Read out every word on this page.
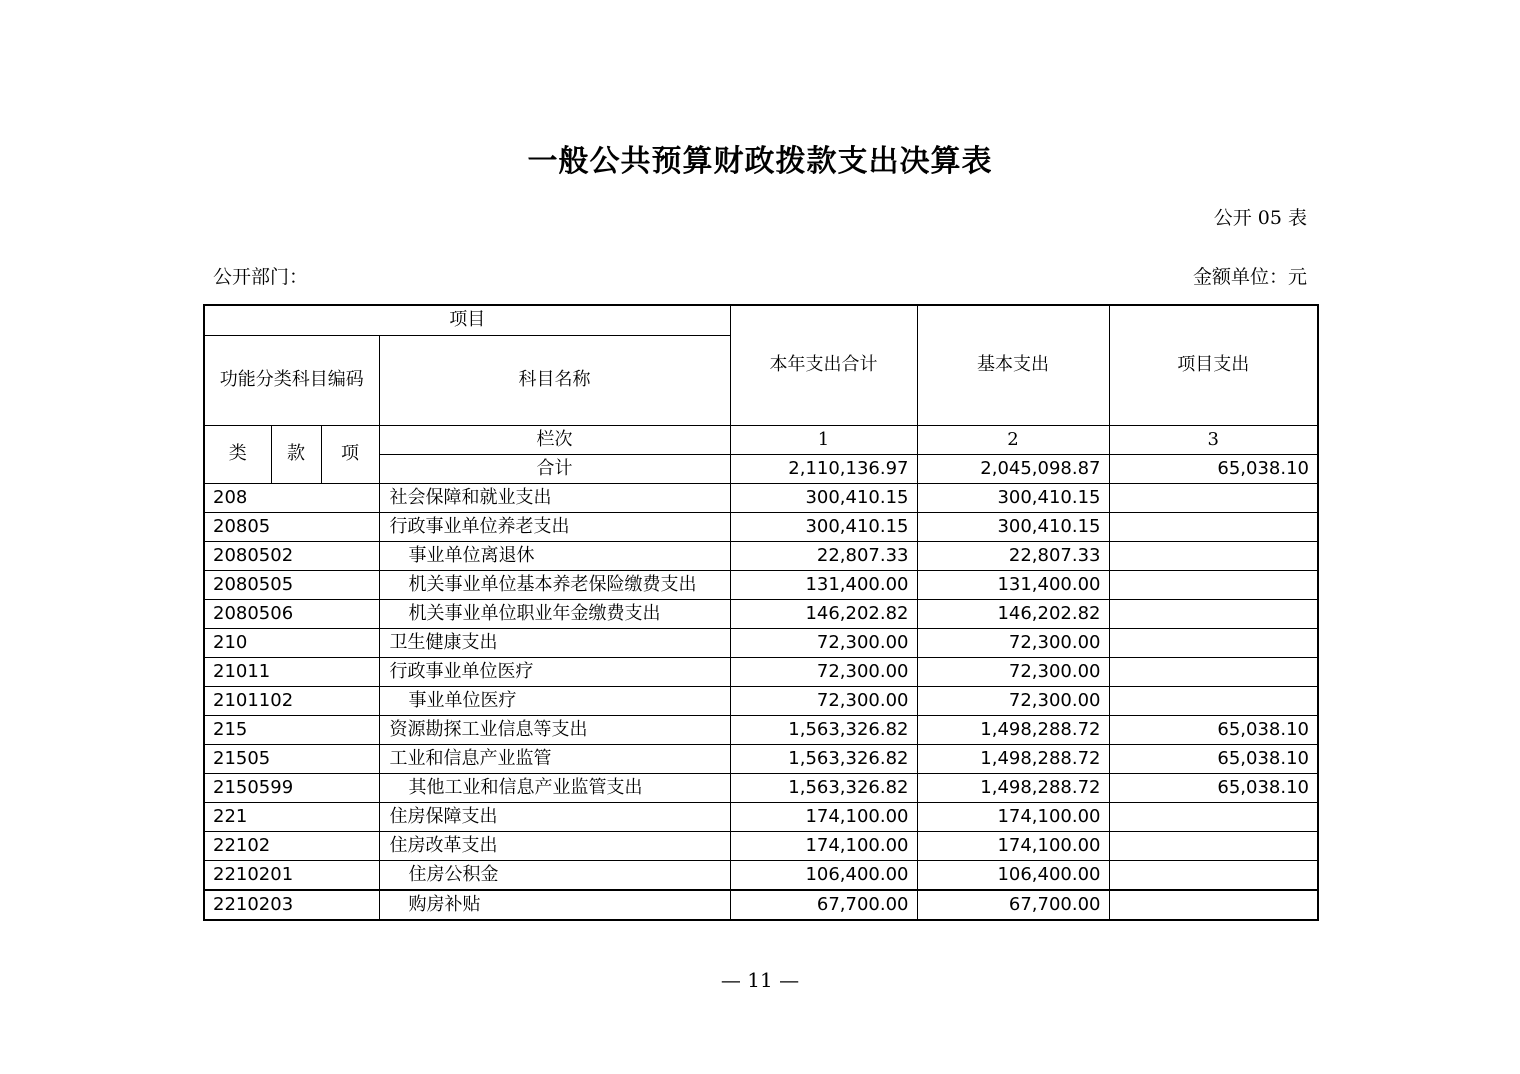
一般公共预算财政拨款支出决算表
公开 05 表
公开部门：	金额单位：元
项目				本年支出合计	基本支出	项目支出
功能分类科目编码			科目名称			
类	款	项	栏次	1	2	3
			合计	2,110,136.97	2,045,098.87	65,038.10
208			社会保障和就业支出	300,410.15	300,410.15	
20805			行政事业单位养老支出	300,410.15	300,410.15	
2080502			事业单位离退休	22,807.33	22,807.33	
2080505			机关事业单位基本养老保险缴费支出	131,400.00	131,400.00	
2080506			机关事业单位职业年金缴费支出	146,202.82	146,202.82	
210			卫生健康支出	72,300.00	72,300.00	
21011			行政事业单位医疗	72,300.00	72,300.00	
2101102			事业单位医疗	72,300.00	72,300.00	
215			资源勘探工业信息等支出	1,563,326.82	1,498,288.72	65,038.10
21505			工业和信息产业监管	1,563,326.82	1,498,288.72	65,038.10
2150599			其他工业和信息产业监管支出	1,563,326.82	1,498,288.72	65,038.10
221			住房保障支出	174,100.00	174,100.00	
22102			住房改革支出	174,100.00	174,100.00	
2210201			住房公积金	106,400.00	106,400.00	
2210203			购房补贴	67,700.00	67,700.00	
— 11 —
